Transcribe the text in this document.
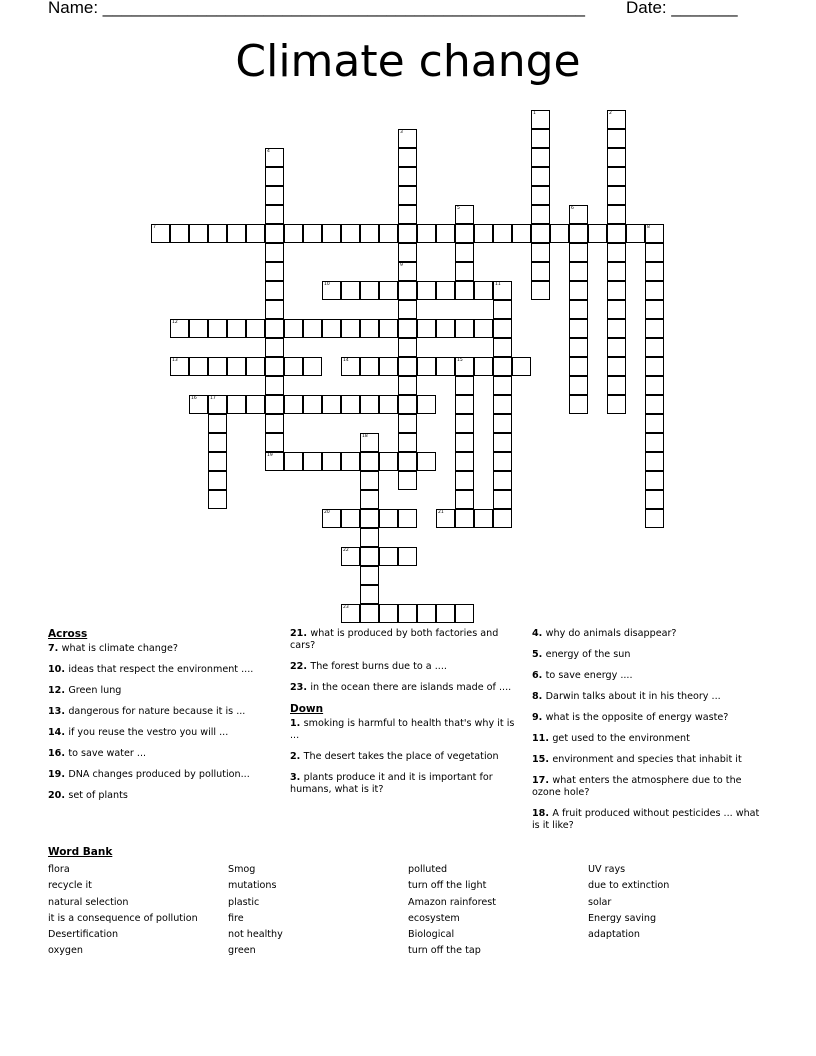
Name: ___________________________________________________ Date: _______
Climate change
7	8
10
12
13	14	15
16	17
19
20	21
22
23
1	2
9
4
6
3
11
18
5
Across
7. what is climate change?
10. ideas that respect the environment ....
12. Green lung
13. dangerous for nature because it is ...
14. if you reuse the vestro you will ...
16. to save water ...
19. DNA changes produced by pollution...
20. set of plants
21. what is produced by both factories and cars?
22. The forest burns due to a ....
23. in the ocean there are islands made of ....
Down
1. smoking is harmful to health that's why it is ...
2. The desert takes the place of vegetation
3. plants produce it and it is important for humans, what is it?
4. why do animals disappear?
5. energy of the sun
6. to save energy ....
8. Darwin talks about it in his theory ...
9. what is the opposite of energy waste?
11. get used to the environment
15. environment and species that inhabit it
17. what enters the atmosphere due to the ozone hole?
18. A fruit produced without pesticides ... what is it like?
Word Bank
flora
recycle it
natural selection
it is a consequence of pollution
Desertification
oxygen
Smog
mutations
plastic
fire
not healthy
green
polluted
turn off the light
Amazon rainforest
ecosystem
Biological
turn off the tap
UV rays
due to extinction
solar
Energy saving
adaptation
